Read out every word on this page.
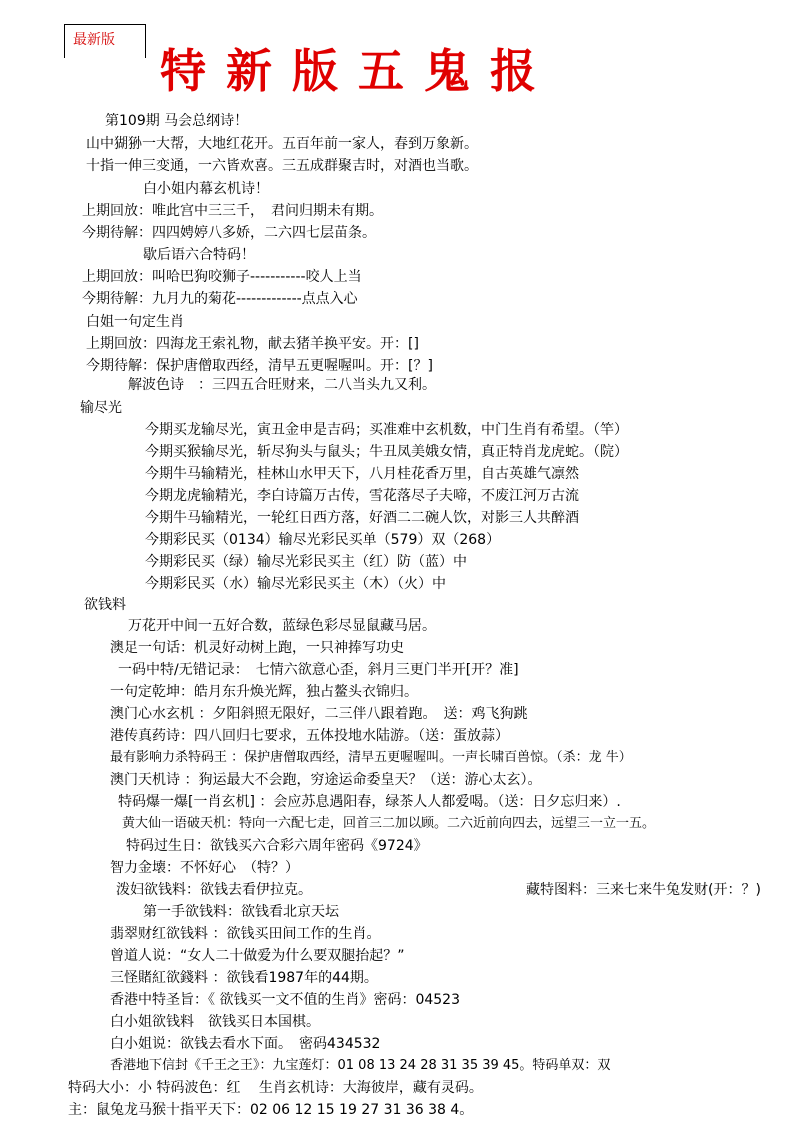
最新版
特新版五鬼报
第109期 马会总纲诗！
山中猢狲一大帮，大地红花开。五百年前一家人，春到万象新。
十指一伸三变通，一六皆欢喜。三五成群聚吉时，对酒也当歌。
白小姐内幕玄机诗！
上期回放：唯此宫中三三千，　君问归期未有期。
今期待解：四四娉婷八多娇，二六四七层苗条。
歇后语六合特码！
上期回放：叫哈巴狗咬狮子-----------咬人上当
今期待解：九月九的菊花-------------点点入心
白姐一句定生肖
上期回放：四海龙王索礼物，献去猪羊换平安。开：[]
今期待解：保护唐僧取西经，清早五更喔喔叫。开：[？]
解波色诗　：三四五合旺财来，二八当头九又利。
输尽光
今期买龙输尽光，寅丑金申是吉码；买准难中玄机数，中门生肖有希望。（竿）
今期买猴输尽光，斩尽狗头与鼠头；牛丑凤美娥女情，真正特肖龙虎蛇。（院）
今期牛马输精光，桂林山水甲天下，八月桂花香万里，自古英雄气凛然
今期龙虎输精光，李白诗篇万古传，雪花落尽子夫啼，不废江河万古流
今期牛马输精光，一轮红日西方落，好酒二二碗人饮，对影三人共醉酒
今期彩民买（0134）输尽光彩民买单（579）双（268）
今期彩民买（绿）输尽光彩民买主（红）防（蓝）中
今期彩民买（水）输尽光彩民买主（木）（火）中
欲钱料
万花开中间一五好合数，蓝绿色彩尽显鼠藏马居。
澳足一句话：机灵好动树上跑，一只神捧写功史
一码中特/无错记录：　七情六欲意心歪，斜月三更门半开[开？准]
一句定乾坤：皓月东升焕光辉，独占鳌头衣锦归。
澳门心水玄机 ：夕阳斜照无限好，二三伴八跟着跑。　送：鸡飞狗跳
港传真药诗：四八回归七要求，五体投地水陆游。（送：蛋放蒜）
最有影响力杀特码王 ：保护唐僧取西经，清早五更喔喔叫。一声长啸百兽惊。（杀：龙 牛）
澳门天机诗 ：狗运最大不会跑，穷途运命委皇天？（送：游心太玄）。
特码爆一爆[一肖玄机] ：会应苏息遇阳春，绿茶人人都爱喝。（送：日夕忘归来）.
黄大仙一语破天机：特向一六配七走，回首三二加以顾。二六近前向四去，远望三一立一五。
特码过生日：欲钱买六合彩六周年密码《9724》
智力金壊：不怀好心　（特？）
泼妇欲钱料：欲钱去看伊拉克。	藏特图料：三来七来牛兔发财(开：？)
第一手欲钱料：欲钱看北京天坛
翡翠财红欲钱料 ：欲钱买田间工作的生肖。
曾道人说：“女人二十做爱为什么要双腿抬起？”
三怪賭紅欲錢料 ：欲钱看1987年的44期。
香港中特圣旨：《 欲钱买一文不值的生肖》密码：04523
白小姐欲钱料　欲钱买日本国棋。
白小姐说：欲钱去看水下面。　密码434532
香港地下信封《千王之王》：九宝莲灯：01 08 13 24 28 31 35 39 45。特码单双：双
特码大小：小 特码波色：红　 生肖玄机诗：大海彼岸，藏有灵码。
主：鼠兔龙马猴十指平天下：02 06 12 15 19 27 31 36 38 4。
